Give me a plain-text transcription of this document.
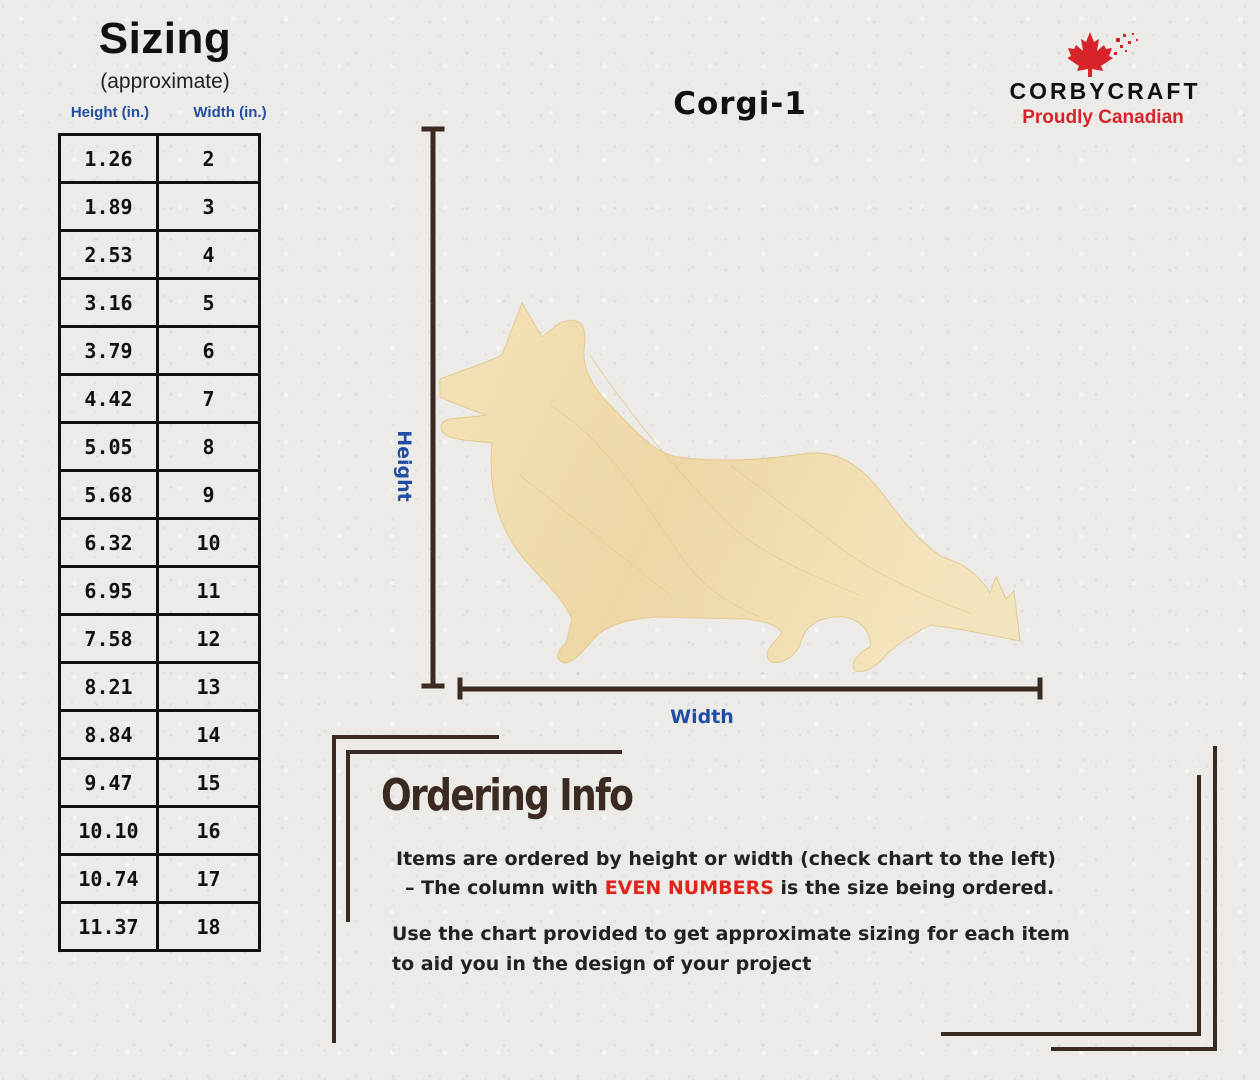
Sizing
(approximate)
Height (in.)	Width (in.)
1.26	2
1.89	3
2.53	4
3.16	5
3.79	6
4.42	7
5.05	8
5.68	9
6.32	10
6.95	11
7.58	12
8.21	13
8.84	14
9.47	15
10.10	16
10.74	17
11.37	18
Corgi-1	CORBYCRAFT
Proudly Canadian
Height
Width
Ordering Info
Items are ordered by height or width (check chart to the left)
– The column with EVEN NUMBERS is the size being ordered.
Use the chart provided to get approximate sizing for each item
to aid you in the design of your project
